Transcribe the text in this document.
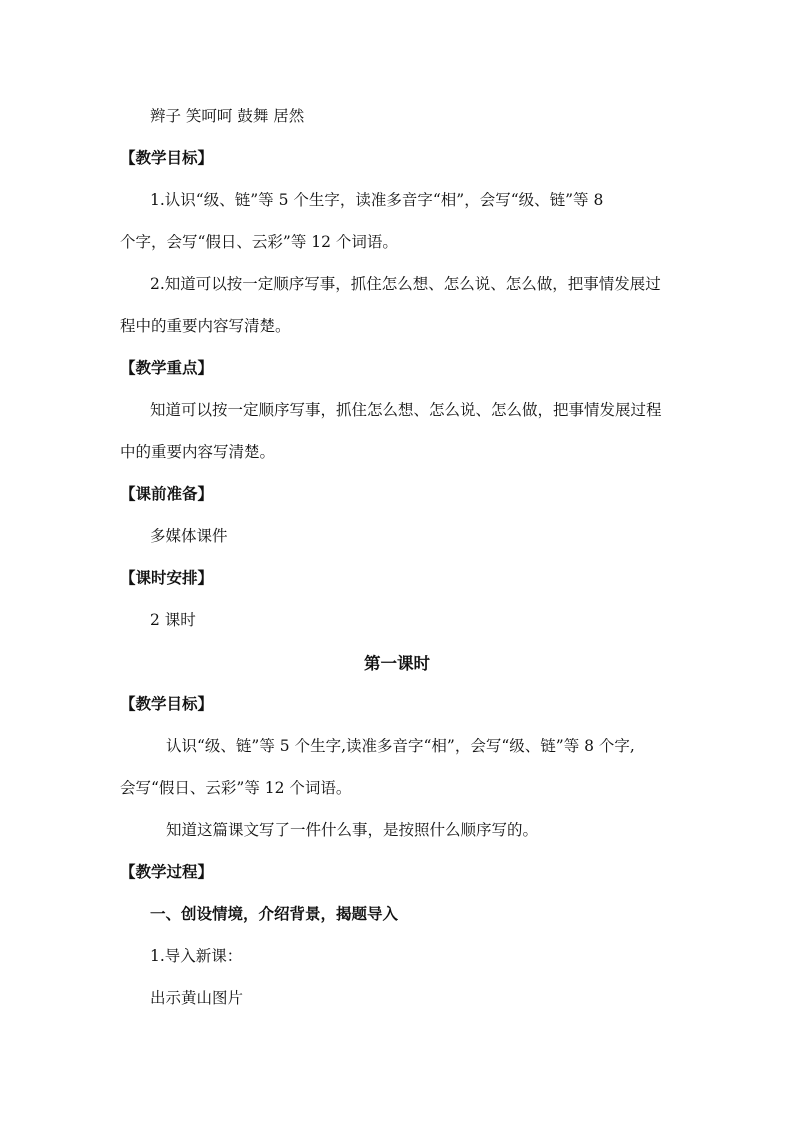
辫子 笑呵呵 鼓舞 居然
【教学目标】
1.认识“级、链”等 5 个生字，读准多音字“相”，会写“级、链”等 8
个字，会写“假日、云彩”等 12 个词语。
2.知道可以按一定顺序写事，抓住怎么想、怎么说、怎么做，把事情发展过
程中的重要内容写清楚。
【教学重点】
知道可以按一定顺序写事，抓住怎么想、怎么说、怎么做，把事情发展过程
中的重要内容写清楚。
【课前准备】
多媒体课件
【课时安排】
2 课时
第一课时
【教学目标】
认识“级、链”等 5 个生字,读准多音字“相”，会写“级、链”等 8 个字,
会写“假日、云彩”等 12 个词语。
知道这篇课文写了一件什么事，是按照什么顺序写的。
【教学过程】
一、创设情境，介绍背景，揭题导入
1.导入新课：
出示黄山图片
